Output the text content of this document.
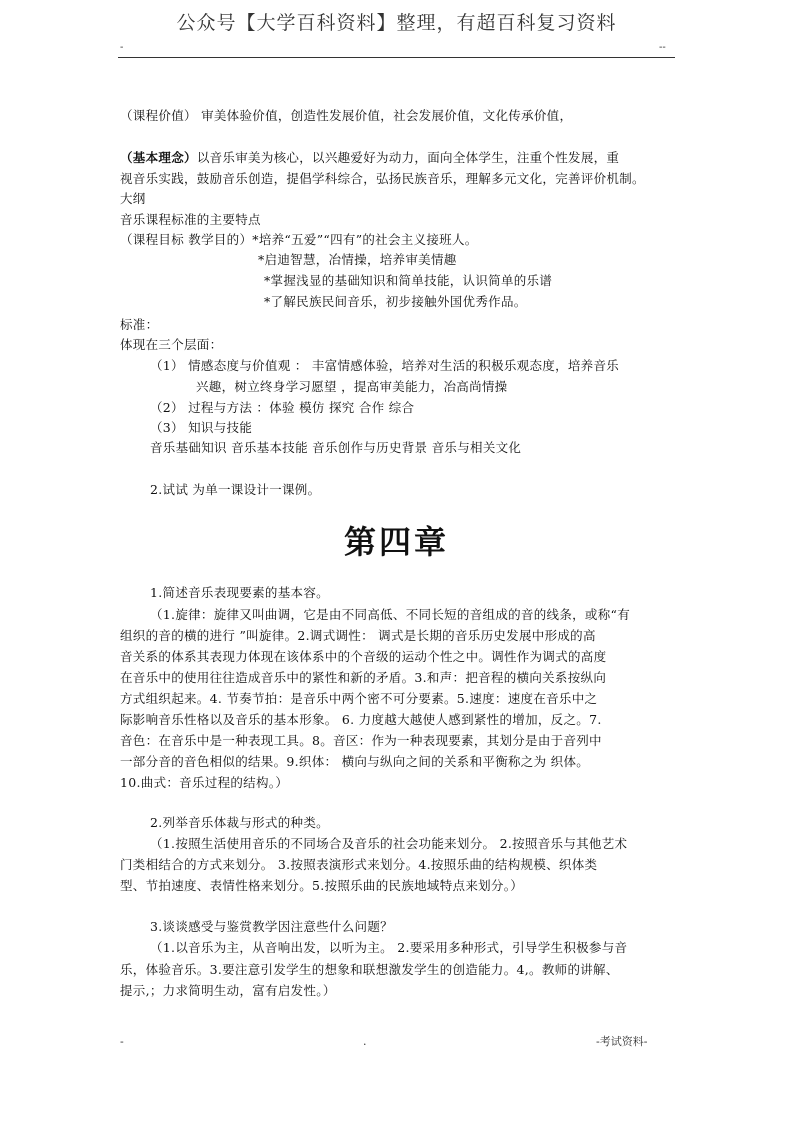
公众号【大学百科资料】整理，有超百科复习资料
-	--
（课程价值） 审美体验价值，创造性发展价值，社会发展价值，文化传承价值，
（基本理念）以音乐审美为核心，以兴趣爱好为动力，面向全体学生，注重个性发展，重
视音乐实践，鼓励音乐创造，提倡学科综合，弘扬民族音乐，理解多元文化，完善评价机制。
大纲
音乐课程标准的主要特点
（课程目标 教学目的）*培养“五爱”“四有”的社会主义接班人。
*启迪智慧，冶情操，培养审美情趣
*掌握浅显的基础知识和简单技能，认识简单的乐谱
*了解民族民间音乐，初步接触外国优秀作品。
标准：
体现在三个层面：
（1） 情感态度与价值观 ： 丰富情感体验，培养对生活的积极乐观态度，培养音乐
兴趣，树立终身学习愿望 ，提高审美能力，冶高尚情操
（2） 过程与方法 ：体验 模仿 探究 合作 综合
（3） 知识与技能
音乐基础知识 音乐基本技能 音乐创作与历史背景 音乐与相关文化
2.试试 为单一课设计一课例。
第四章
1.简述音乐表现要素的基本容。
（1.旋律：旋律又叫曲调，它是由不同高低、不同长短的音组成的音的线条，或称“有
组织的音的横的进行 ”叫旋律。2.调式调性： 调式是长期的音乐历史发展中形成的高
音关系的体系其表现力体现在该体系中的个音级的运动个性之中。调性作为调式的高度
在音乐中的使用往往造成音乐中的紧性和新的矛盾。3.和声：把音程的横向关系按纵向
方式组织起来。4. 节奏节拍：是音乐中两个密不可分要素。5.速度：速度在音乐中之
际影响音乐性格以及音乐的基本形象。 6. 力度越大越使人感到紧性的增加，反之。7.
音色：在音乐中是一种表现工具。8。音区：作为一种表现要素，其划分是由于音列中
一部分音的音色相似的结果。9.织体： 横向与纵向之间的关系和平衡称之为 织体。
10.曲式：音乐过程的结构。）
2.列举音乐体裁与形式的种类。
（1.按照生活使用音乐的不同场合及音乐的社会功能来划分。 2.按照音乐与其他艺术
门类相结合的方式来划分。 3.按照表演形式来划分。4.按照乐曲的结构规模、织体类
型、节拍速度、表情性格来划分。5.按照乐曲的民族地域特点来划分。）
3.谈谈感受与鉴赏教学因注意些什么问题？
（1.以音乐为主，从音响出发，以听为主。 2.要采用多种形式，引导学生积极参与音
乐，体验音乐。3.要注意引发学生的想象和联想激发学生的创造能力。4,。教师的讲解、
提示,；力求简明生动，富有启发性。）
-	.	-考试资料-
